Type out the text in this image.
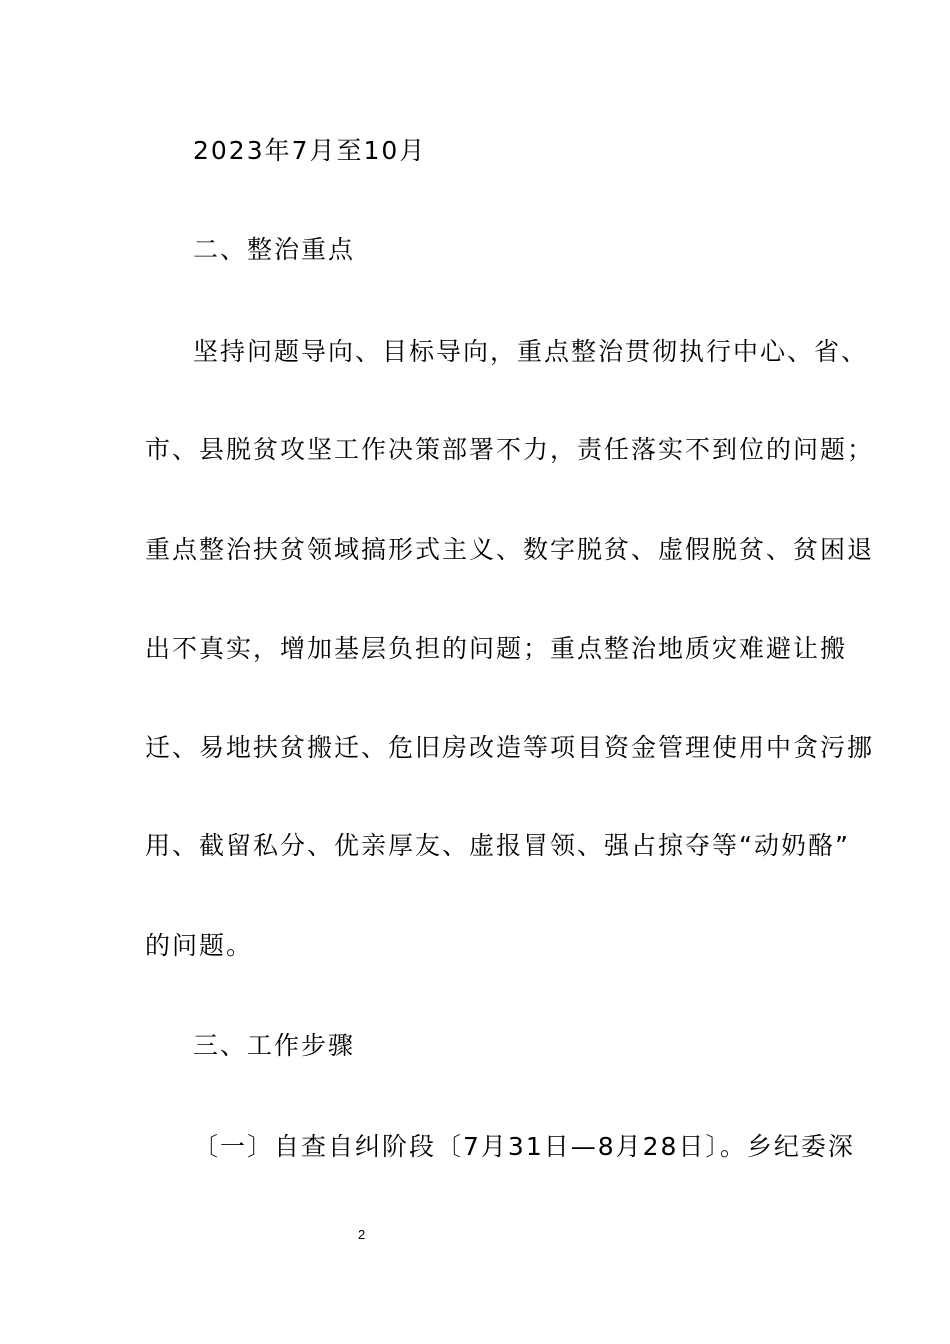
2023年7月至10月
二、整治重点
坚持问题导向、目标导向，重点整治贯彻执行中心、省、
市、县脱贫攻坚工作决策部署不力，责任落实不到位的问题；
重点整治扶贫领域搞形式主义、数字脱贫、虚假脱贫、贫困退
出不真实，增加基层负担的问题；重点整治地质灾难避让搬
迁、易地扶贫搬迁、危旧房改造等项目资金管理使用中贪污挪
用、截留私分、优亲厚友、虚报冒领、强占掠夺等“动奶酪”
的问题。
三、工作步骤
〔一〕自查自纠阶段〔7月31日—8月28日〕。乡纪委深
2
